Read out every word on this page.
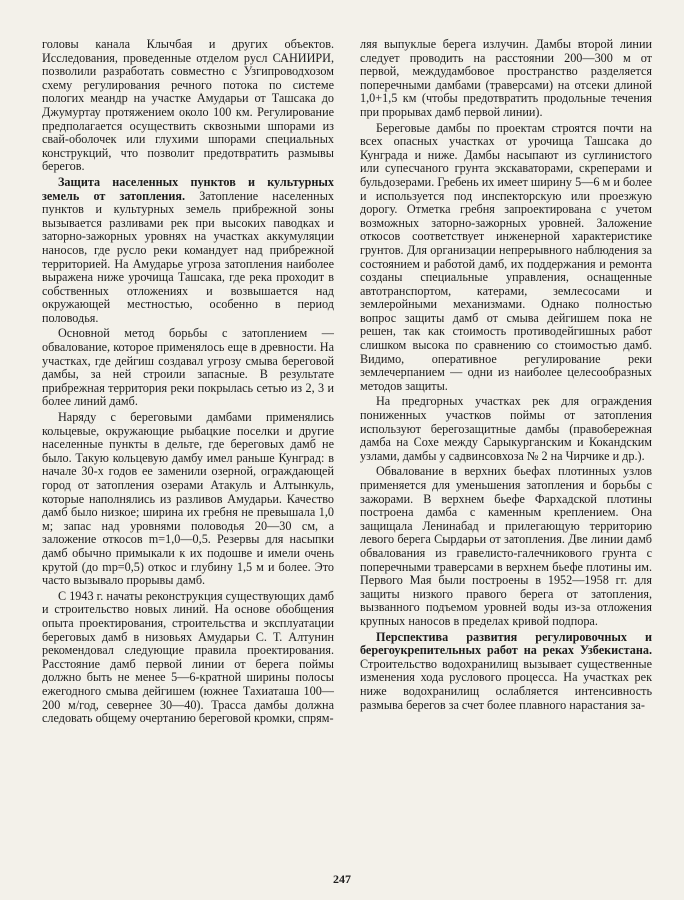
головы канала Клычбая и других объектов. Исследования, проведенные отделом русл САНИИРИ, позволили разработать совместно с Узгипроводхозом схему регулирования речного потока по системе пологих меандр на участке Амударьи от Ташсака до Джумуртау протяжением около 100 км. Регулирование предполагается осуществить сквозными шпорами из свай-оболочек или глухими шпорами специальных конструкций, что позволит предотвратить размывы берегов.

Защита населенных пунктов и культурных земель от затопления. Затопление населенных пунктов и культурных земель прибрежной зоны вызывается разливами рек при высоких паводках и заторно-зажорных уровнях на участках аккумуляции наносов, где русло реки командует над прибрежной территорией. На Амударье угроза затопления наиболее выражена ниже урочища Ташсака, где река проходит в собственных отложениях и возвышается над окружающей местностью, особенно в период половодья.

Основной метод борьбы с затоплением — обвалование, которое применялось еще в древности. На участках, где дейгиш создавал угрозу смыва береговой дамбы, за ней строили запасные. В результате прибрежная территория реки покрылась сетью из 2, 3 и более линий дамб.

Наряду с береговыми дамбами применялись кольцевые, окружающие рыбацкие поселки и другие населенные пункты в дельте, где береговых дамб не было. Такую кольцевую дамбу имел раньше Кунград: в начале 30-х годов ее заменили озерной, ограждающей город от затопления озерами Атакуль и Алтынкуль, которые наполнялись из разливов Амударьи. Качество дамб было низкое; ширина их гребня не превышала 1,0 м; запас над уровнями половодья 20—30 см, а заложение откосов m=1,0—0,5. Резервы для насыпки дамб обычно примыкали к их подошве и имели очень крутой (до mp=0,5) откос и глубину 1,5 м и более. Это часто вызывало прорывы дамб.

С 1943 г. начаты реконструкция существующих дамб и строительство новых линий. На основе обобщения опыта проектирования, строительства и эксплуатации береговых дамб в низовьях Амударьи С. Т. Алтунин рекомендовал следующие правила проектирования. Расстояние дамб первой линии от берега поймы должно быть не менее 5—6-кратной ширины полосы ежегодного смыва дейгишем (южнее Тахиаташа 100—200 м/год, севернее 30—40). Трасса дамбы должна следовать общему очертанию береговой кромки, спрям-

ляя выпуклые берега излучин. Дамбы второй линии следует проводить на расстоянии 200—300 м от первой, междудамбовое пространство разделяется поперечными дамбами (траверсами) на отсеки длиной 1,0+1,5 км (чтобы предотвратить продольные течения при прорывах дамб первой линии).

Береговые дамбы по проектам строятся почти на всех опасных участках от урочища Ташсака до Кунграда и ниже. Дамбы насыпают из суглинистого или супесчаного грунта экскаваторами, скреперами и бульдозерами. Гребень их имеет ширину 5—6 м и более и используется под инспекторскую или проезжую дорогу. Отметка гребня запроектирована с учетом возможных заторно-зажорных уровней. Заложение откосов соответствует инженерной характеристике грунтов. Для организации непрерывного наблюдения за состоянием и работой дамб, их поддержания и ремонта созданы специальные управления, оснащенные автотранспортом, катерами, землесосами и землеройными механизмами. Однако полностью вопрос защиты дамб от смыва дейгишем пока не решен, так как стоимость противодейгишных работ слишком высока по сравнению со стоимостью дамб. Видимо, оперативное регулирование реки землечерпанием — одни из наиболее целесообразных методов защиты.

На предгорных участках рек для ограждения пониженных участков поймы от затопления используют берегозащитные дамбы (правобережная дамба на Сохе между Сарыкурганским и Кокандским узлами, дамбы у садвинсовхоза № 2 на Чирчике и др.).

Обвалование в верхних бьефах плотинных узлов применяется для уменьшения затопления и борьбы с зажорами. В верхнем бьефе Фархадской плотины построена дамба с каменным креплением. Она защищала Ленинабад и прилегающую территорию левого берега Сырдарьи от затопления. Две линии дамб обвалования из гравелисто-галечникового грунта с поперечными траверсами в верхнем бьефе плотины им. Первого Мая были построены в 1952—1958 гг. для защиты низкого правого берега от затопления, вызванного подъемом уровней воды из-за отложения крупных наносов в пределах кривой подпора.

Перспектива развития регулировочных и берегоукрепительных работ на реках Узбекистана. Строительство водохранилищ вызывает существенные изменения хода руслового процесса. На участках рек ниже водохранилищ ослабляется интенсивность размыва берегов за счет более плавного нарастания за-

247
